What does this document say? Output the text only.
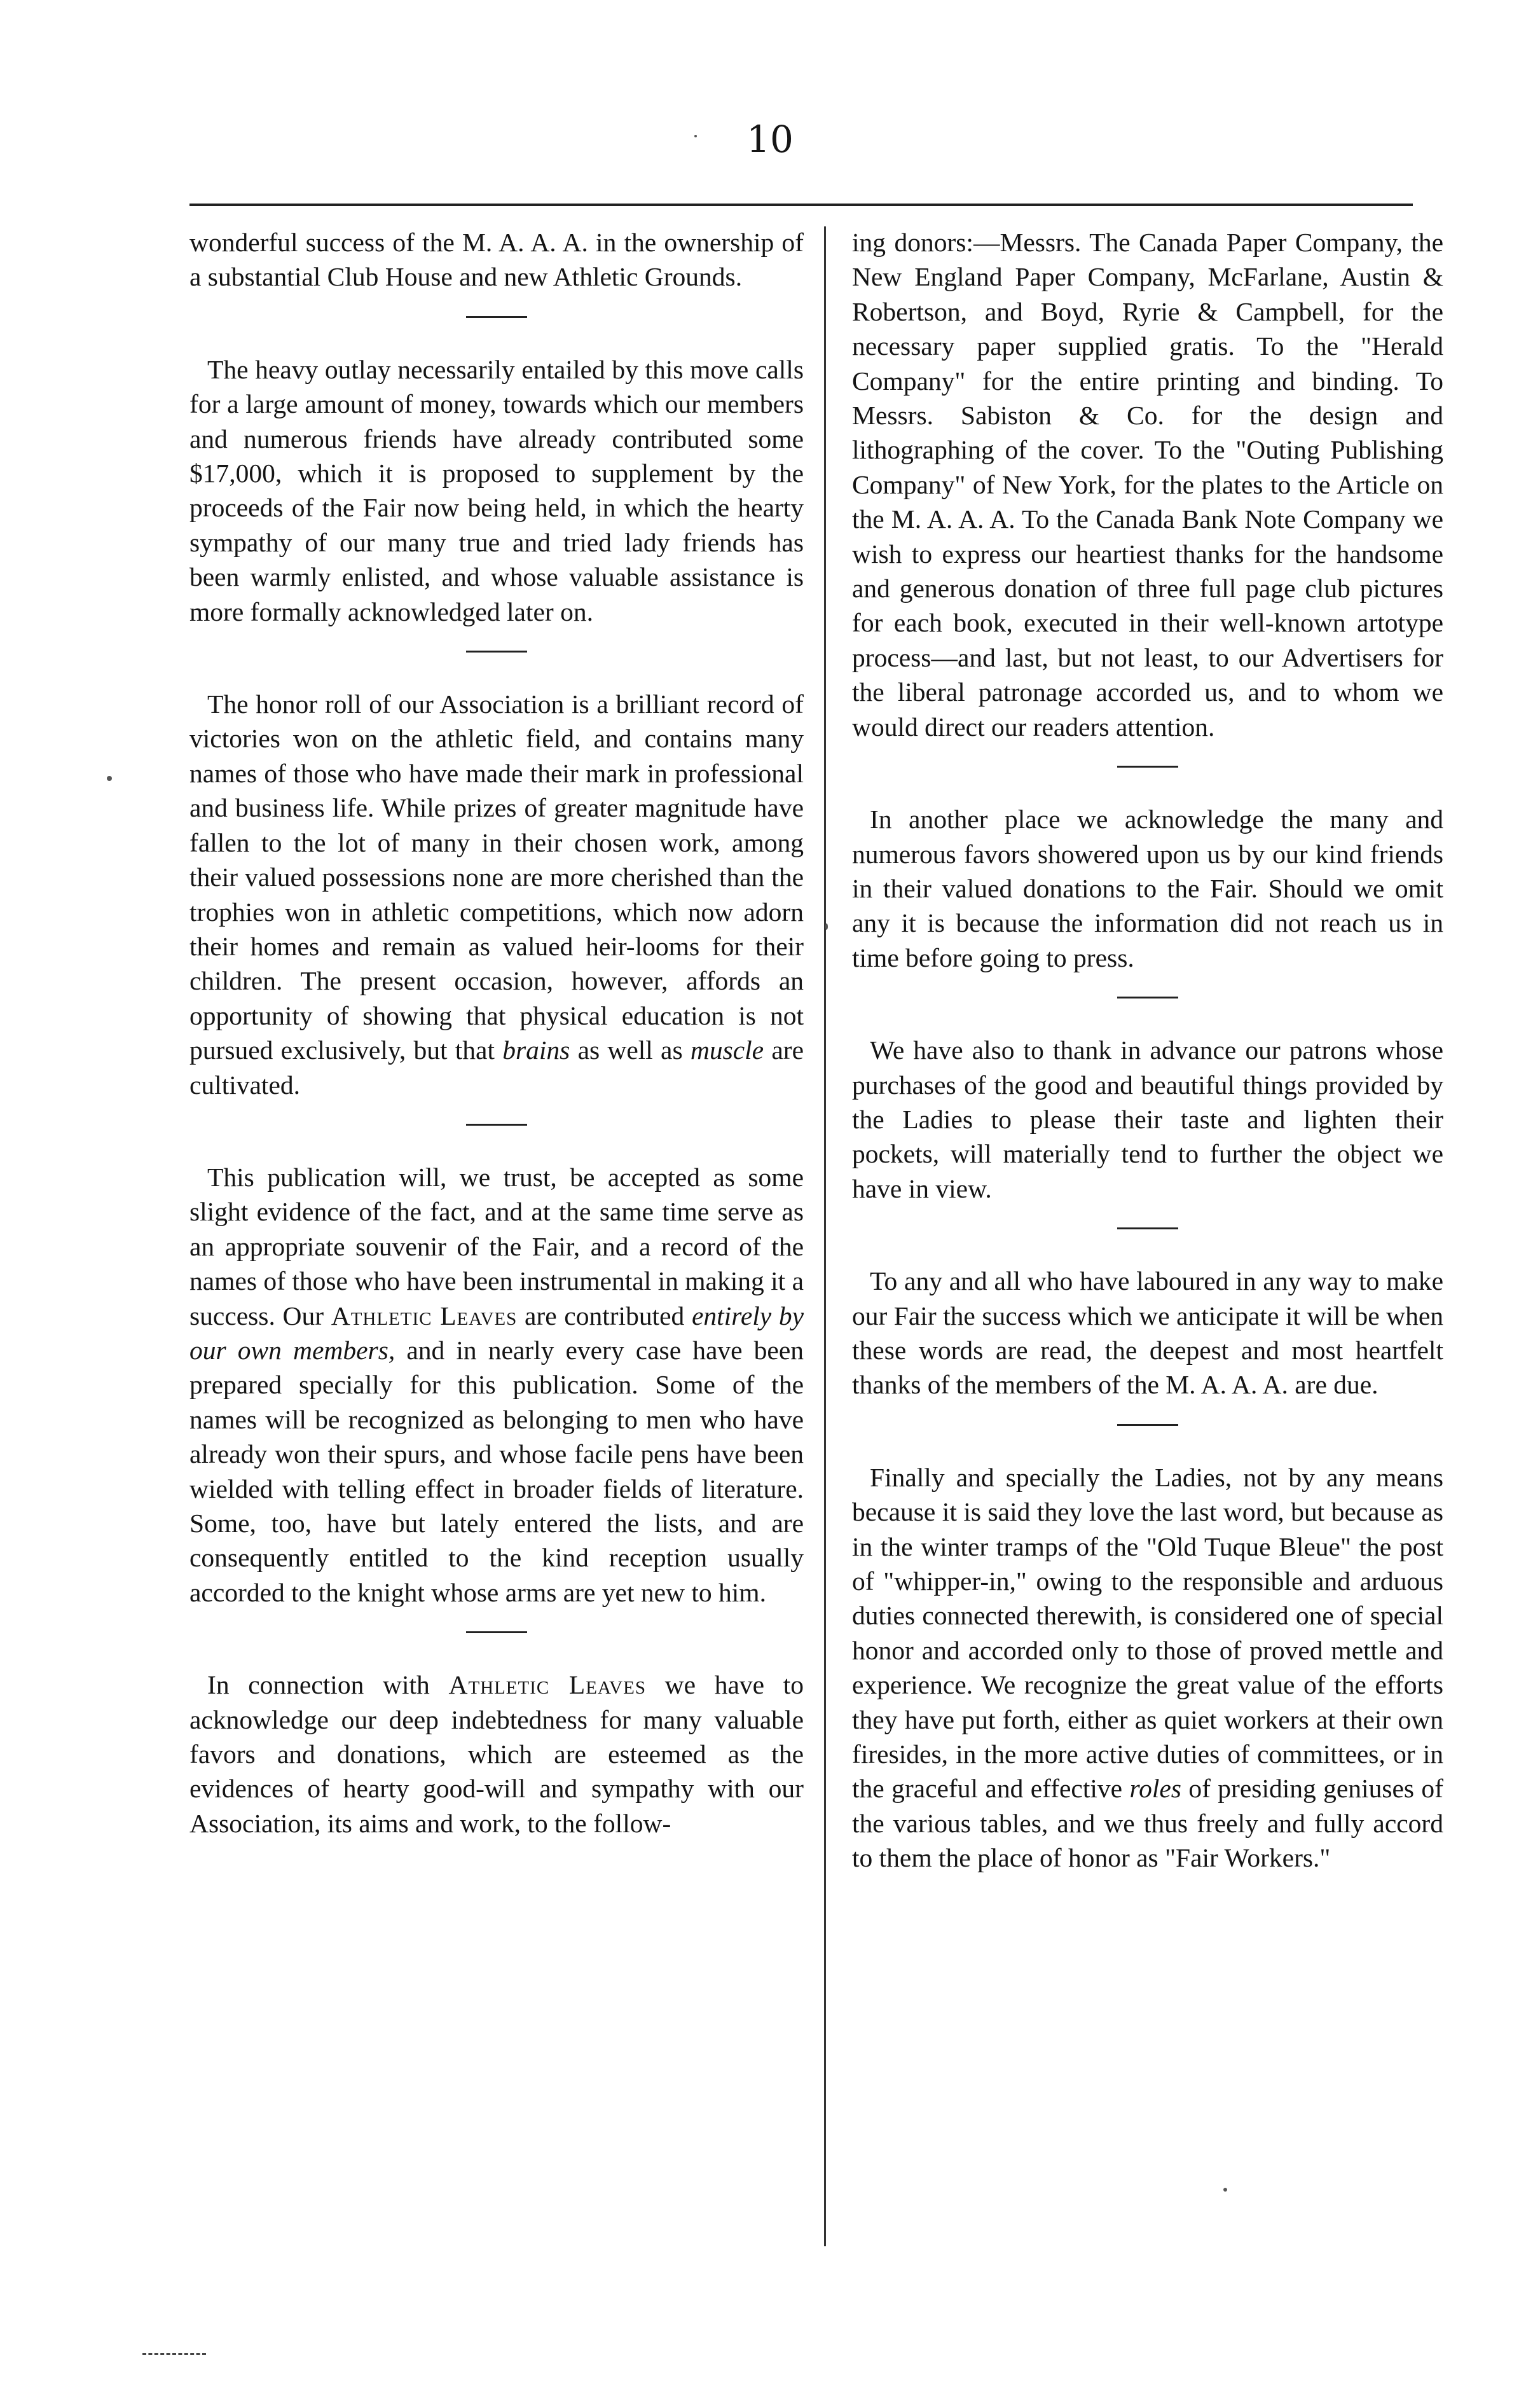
10

wonderful success of the M. A. A. A. in the ownership of a substantial Club House and new Athletic Grounds.

The heavy outlay necessarily entailed by this move calls for a large amount of money, towards which our members and numerous friends have already contributed some $17,000, which it is proposed to supplement by the proceeds of the Fair now being held, in which the hearty sympathy of our many true and tried lady friends has been warmly enlisted, and whose valuable assistance is more formally acknowledged later on.

The honor roll of our Association is a brilliant record of victories won on the athletic field, and contains many names of those who have made their mark in professional and business life. While prizes of greater magnitude have fallen to the lot of many in their chosen work, among their valued possessions none are more cherished than the trophies won in athletic competitions, which now adorn their homes and remain as valued heir-looms for their children. The present occasion, however, affords an opportunity of showing that physical education is not pursued exclusively, but that brains as well as muscle are cultivated.

This publication will, we trust, be accepted as some slight evidence of the fact, and at the same time serve as an appropriate souvenir of the Fair, and a record of the names of those who have been instrumental in making it a success. Our Athletic Leaves are contributed entirely by our own members, and in nearly every case have been prepared specially for this publication. Some of the names will be recognized as belonging to men who have already won their spurs, and whose facile pens have been wielded with telling effect in broader fields of literature. Some, too, have but lately entered the lists, and are consequently entitled to the kind reception usually accorded to the knight whose arms are yet new to him.

In connection with Athletic Leaves we have to acknowledge our deep indebtedness for many valuable favors and donations, which are esteemed as the evidences of hearty good-will and sympathy with our Association, its aims and work, to the follow-

ing donors:—Messrs. The Canada Paper Company, the New England Paper Company, McFarlane, Austin & Robertson, and Boyd, Ryrie & Campbell, for the necessary paper supplied gratis. To the "Herald Company" for the entire printing and binding. To Messrs. Sabiston & Co. for the design and lithographing of the cover. To the "Outing Publishing Company" of New York, for the plates to the Article on the M. A. A. A. To the Canada Bank Note Company we wish to express our heartiest thanks for the handsome and generous donation of three full page club pictures for each book, executed in their well-known artotype process—and last, but not least, to our Advertisers for the liberal patronage accorded us, and to whom we would direct our readers attention.

In another place we acknowledge the many and numerous favors showered upon us by our kind friends in their valued donations to the Fair. Should we omit any it is because the information did not reach us in time before going to press.

We have also to thank in advance our patrons whose purchases of the good and beautiful things provided by the Ladies to please their taste and lighten their pockets, will materially tend to further the object we have in view.

To any and all who have laboured in any way to make our Fair the success which we anticipate it will be when these words are read, the deepest and most heartfelt thanks of the members of the M. A. A. A. are due.

Finally and specially the Ladies, not by any means because it is said they love the last word, but because as in the winter tramps of the "Old Tuque Bleue" the post of "whipper-in," owing to the responsible and arduous duties connected therewith, is considered one of special honor and accorded only to those of proved mettle and experience. We recognize the great value of the efforts they have put forth, either as quiet workers at their own firesides, in the more active duties of committees, or in the graceful and effective roles of presiding geniuses of the various tables, and we thus freely and fully accord to them the place of honor as "Fair Workers."
